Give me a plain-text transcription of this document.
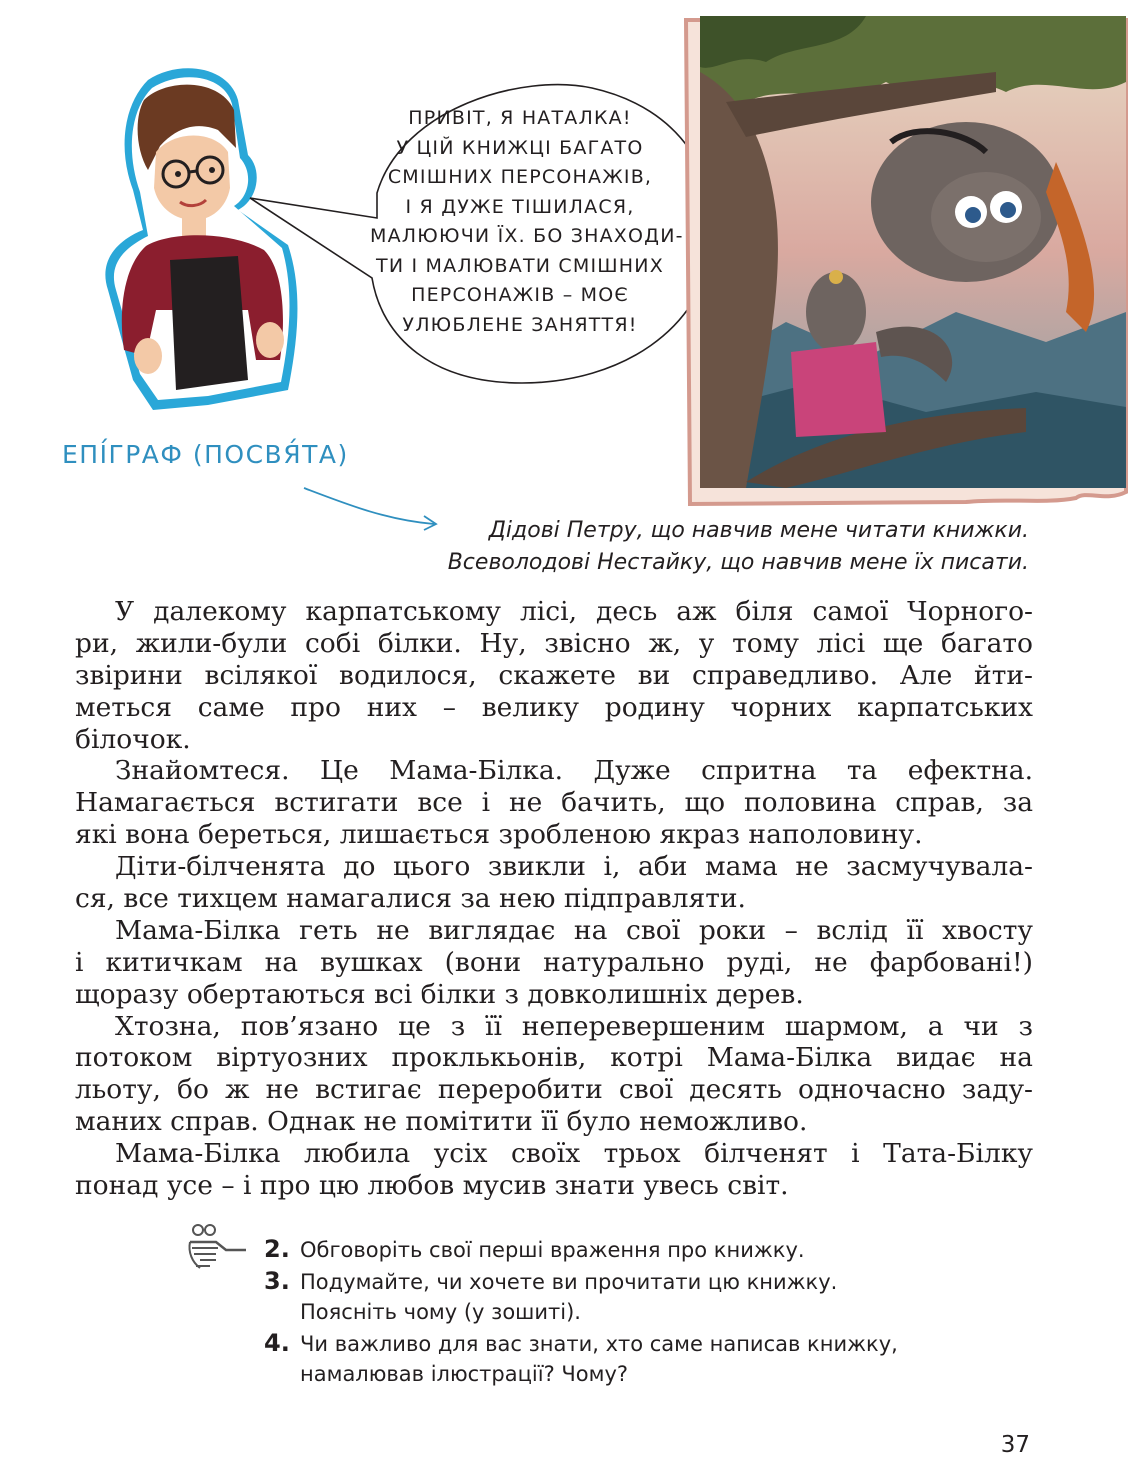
ПРИВІТ, Я НАТАЛКА!
У ЦІЙ КНИЖЦІ БАГАТО
СМІШНИХ ПЕРСОНАЖІВ,
І Я ДУЖЕ ТІШИЛАСЯ,
МАЛЮЮЧИ ЇХ. БО ЗНАХОДИ-
ТИ І МАЛЮВАТИ СМІШНИХ
ПЕРСОНАЖІВ – МОЄ
УЛЮБЛЕНЕ ЗАНЯТТЯ!
ЕПІ́ГРАФ (ПОСВЯ́ТА)
Дідові Петру, що навчив мене читати книжки.
Всеволодові Нестайку, що навчив мене їх писати.
У далекому карпатському лісі, десь аж біля самої Чорного-
ри, жили-були собі білки. Ну, звісно ж, у тому лісі ще багато
звірини всілякої водилося, скажете ви справедливо. Але йти-
меться саме про них – велику родину чорних карпатських
білочок.
Знайомтеся. Це Мама-Білка. Дуже спритна та ефектна.
Намагається встигати все і не бачить, що половина справ, за
які вона береться, лишається зробленою якраз наполовину.
Діти-білченята до цього звикли і, аби мама не засмучувала-
ся, все тихцем намагалися за нею підправляти.
Мама-Білка геть не виглядає на свої роки – вслід її хвосту
і китичкам на вушках (вони натурально руді, не фарбовані!)
щоразу обертаються всі білки з довколишніх дерев.
Хтозна, пов’язано це з її неперевершеним шармом, а чи з
потоком віртуозних проклькьонів, котрі Мама-Білка видає на
льоту, бо ж не встигає переробити свої десять одночасно заду-
маних справ. Однак не помітити її було неможливо.
Мама-Білка любила усіх своїх трьох білченят і Тата-Білку
понад усе – і про цю любов мусив знати увесь світ.
2. Обговоріть свої перші враження про книжку.
3. Подумайте, чи хочете ви прочитати цю книжку.
Поясніть чому (у зошиті).
4. Чи важливо для вас знати, хто саме написав книжку,
намалював ілюстрації? Чому?
37
